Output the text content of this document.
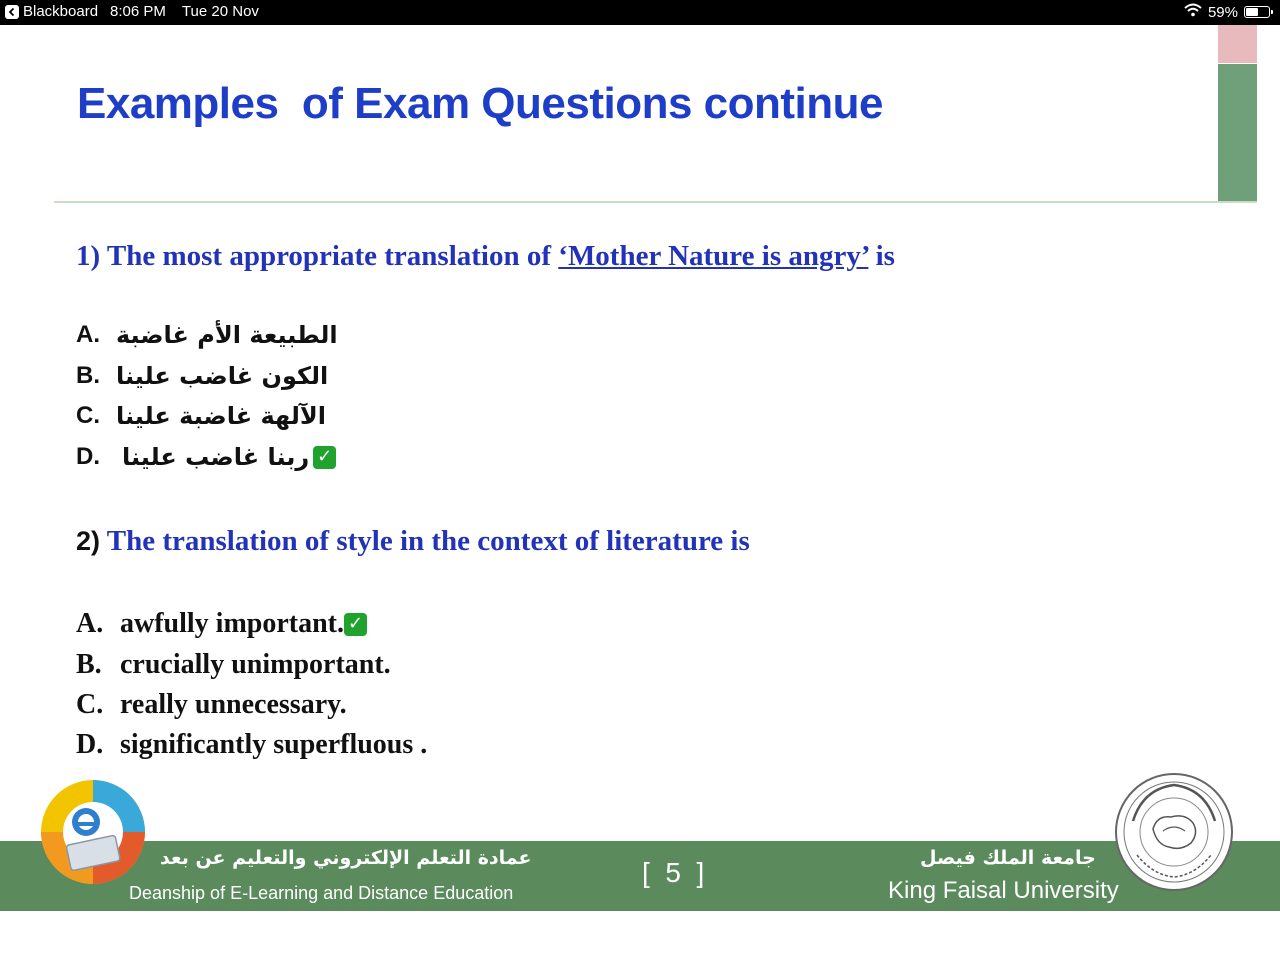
Blackboard 8:06 PM Tue 20 Nov	59%
Examples  of Exam Questions continue
1) The most appropriate translation of ‘Mother Nature is angry’ is
A. الطبيعة الأم غاضبة
B. الكون غاضب علينا
C. الآلهة غاضبة علينا
D. ربنا غاضب علينا ✓
2) The translation of style in the context of literature is
A. awfully important. ✓
B. crucially unimportant.
C. really unnecessary.
D. significantly superfluous .
عمادة التعلم الإلكتروني والتعليم عن بعد
Deanship of E-Learning and Distance Education
[  5  ]	جامعة الملك فيصل
King Faisal University
